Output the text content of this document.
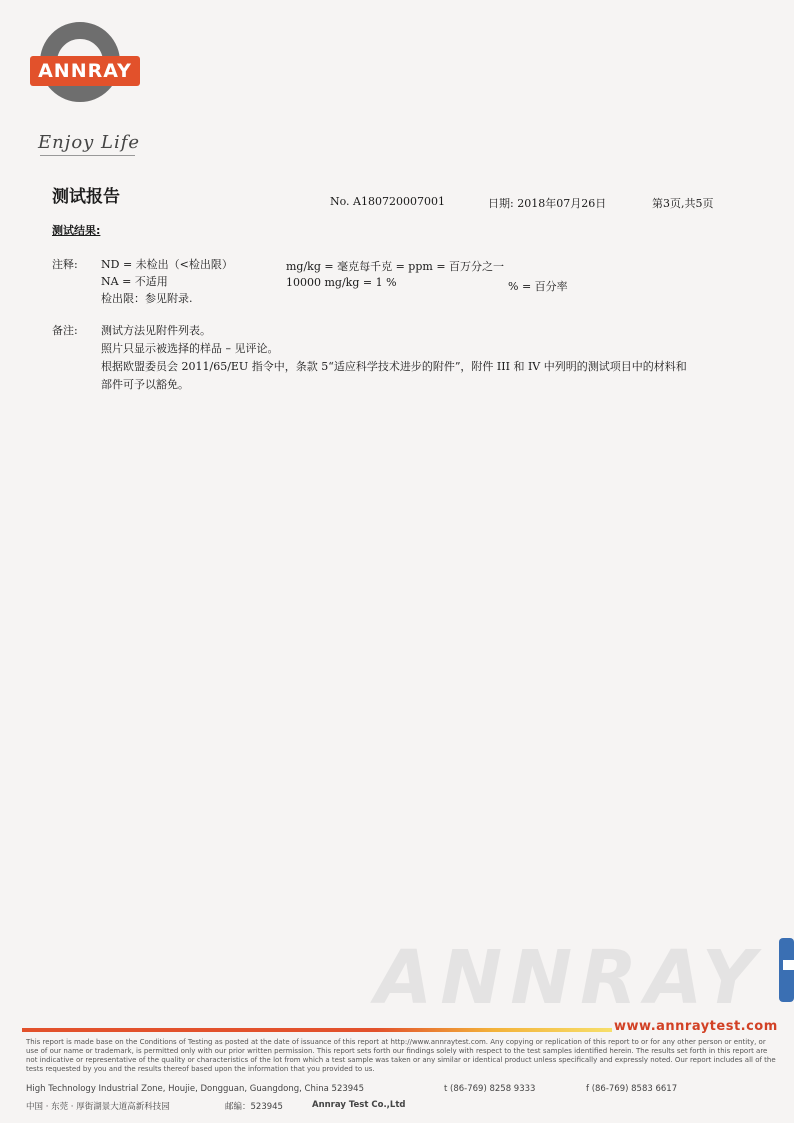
ANNRAY
Enjoy Life
测试报告	No. A180720007001	日期: 2018年07月26日	第3页,共5页
测试结果:
注释: ND = 未检出（<检出限）
NA = 不适用
检出限：参见附录.
mg/kg = 毫克每千克 = ppm = 百万分之一
10000 mg/kg = 1 %	% = 百分率
备注: 测试方法见附件列表。
照片只显示被选择的样品 – 见评论。
根据欧盟委员会 2011/65/EU 指令中，条款 5“适应科学技术进步的附件”，附件 III 和 IV 中列明的测试项目中的材料和
部件可予以豁免。
ANNRAY
www.annraytest.com
This report is made base on the Conditions of Testing as posted at the date of issuance of this report at http://www.annraytest.com. Any copying or replication of this report to or for any other person or entity, or use of our name or trademark, is permitted only with our prior written permission. This report sets forth our findings solely with respect to the test samples identified herein. The results set forth in this report are not indicative or representative of the quality or characteristics of the lot from which a test sample was taken or any similar or identical product unless specifically and expressly noted. Our report includes all of the tests requested by you and the results thereof based upon the information that you provided to us.
High Technology Industrial Zone, Houjie, Dongguan, Guangdong, China 523945	t (86-769) 8258 9333	f (86-769) 8583 6617
中国 · 东莞 · 厚街湖景大道高新科技园	邮编：523945	Annray Test Co.,Ltd
